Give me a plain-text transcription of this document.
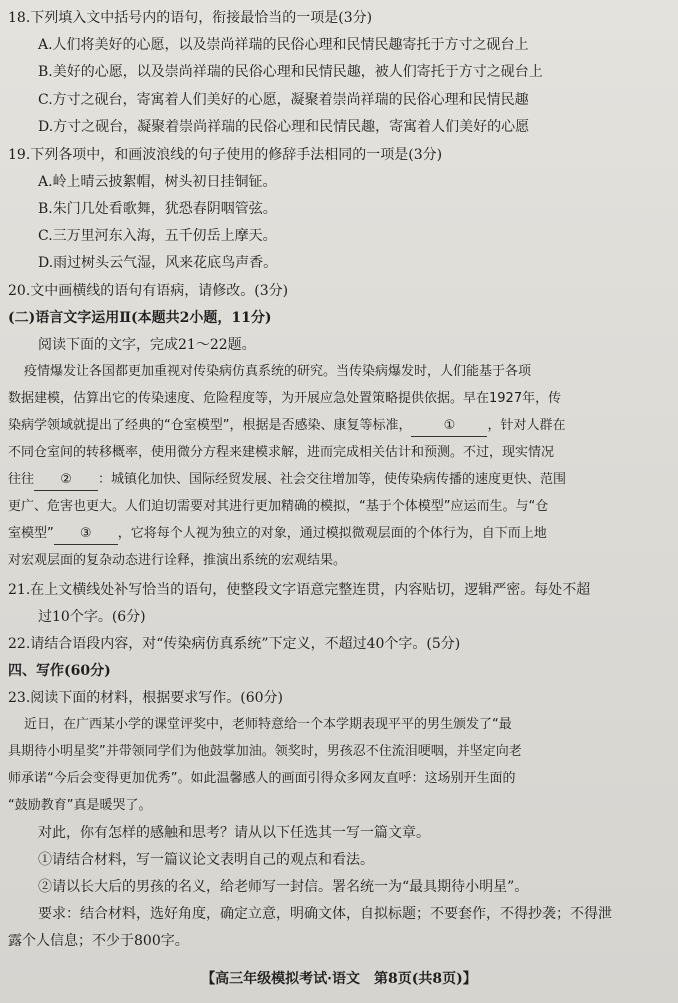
18.下列填入文中括号内的语句，衔接最恰当的一项是(3分)
A.人们将美好的心愿，以及崇尚祥瑞的民俗心理和民情民趣寄托于方寸之砚台上
B.美好的心愿，以及崇尚祥瑞的民俗心理和民情民趣，被人们寄托于方寸之砚台上
C.方寸之砚台，寄寓着人们美好的心愿，凝聚着崇尚祥瑞的民俗心理和民情民趣
D.方寸之砚台，凝聚着崇尚祥瑞的民俗心理和民情民趣，寄寓着人们美好的心愿
19.下列各项中，和画波浪线的句子使用的修辞手法相同的一项是(3分)
A.岭上晴云披絮帽，树头初日挂铜钲。
B.朱门几处看歌舞，犹恐春阴咽管弦。
C.三万里河东入海，五千仞岳上摩天。
D.雨过树头云气湿，风来花底鸟声香。
20.文中画横线的语句有语病，请修改。(3分)
(二)语言文字运用Ⅱ(本题共2小题，11分)
阅读下面的文字，完成21～22题。
疫情爆发让各国都更加重视对传染病仿真系统的研究。当传染病爆发时，人们能基于各项
数据建模，估算出它的传染速度、危险程度等，为开展应急处置策略提供依据。早在1927年，传
染病学领域就提出了经典的“仓室模型”，根据是否感染、康复等标准， ① ，针对人群在
不同仓室间的转移概率，使用微分方程来建模求解，进而完成相关估计和预测。不过，现实情况
往往 ② ：城镇化加快、国际经贸发展、社会交往增加等，使传染病传播的速度更快、范围
更广、危害也更大。人们迫切需要对其进行更加精确的模拟，“基于个体模型”应运而生。与“仓
室模型” ③ ，它将每个人视为独立的对象，通过模拟微观层面的个体行为，自下而上地
对宏观层面的复杂动态进行诠释，推演出系统的宏观结果。
21.在上文横线处补写恰当的语句，使整段文字语意完整连贯，内容贴切，逻辑严密。每处不超
过10个字。(6分)
22.请结合语段内容，对“传染病仿真系统”下定义，不超过40个字。(5分)
四、写作(60分)
23.阅读下面的材料，根据要求写作。(60分)
近日，在广西某小学的课堂评奖中，老师特意给一个本学期表现平平的男生颁发了“最
具期待小明星奖”并带领同学们为他鼓掌加油。领奖时，男孩忍不住流泪哽咽，并坚定向老
师承诺“今后会变得更加优秀”。如此温馨感人的画面引得众多网友直呼：这场别开生面的
“鼓励教育”真是暖哭了。
对此，你有怎样的感触和思考？请从以下任选其一写一篇文章。
①请结合材料，写一篇议论文表明自己的观点和看法。
②请以长大后的男孩的名义，给老师写一封信。署名统一为“最具期待小明星”。
要求：结合材料，选好角度，确定立意，明确文体，自拟标题；不要套作，不得抄袭；不得泄
露个人信息；不少于800字。
【高三年级模拟考试·语文　第8页(共8页)】
